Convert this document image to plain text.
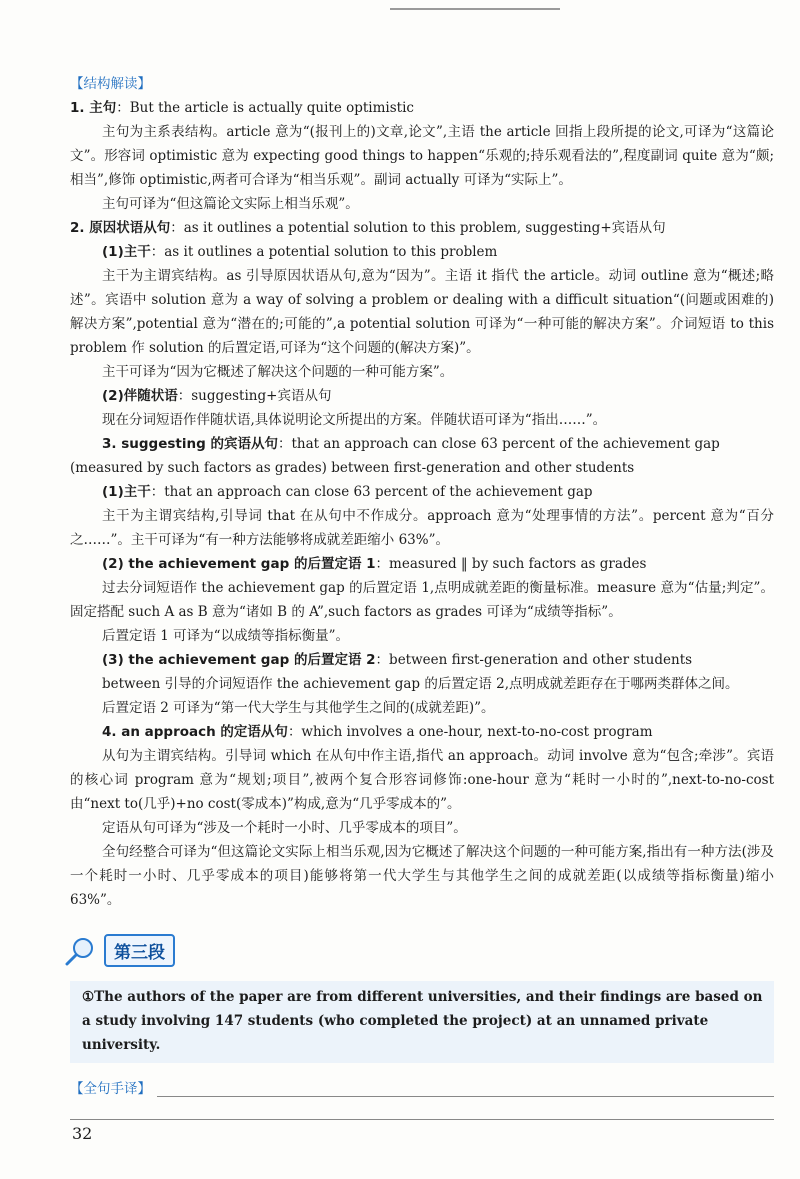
【结构解读】
1. 主句：But the article is actually quite optimistic

主句为主系表结构。article 意为“(报刊上的)文章,论文”,主语 the article 回指上段所提的论文,可译为“这篇论文”。形容词 optimistic 意为 expecting good things to happen“乐观的;持乐观看法的”,程度副词 quite 意为“颇;相当”,修饰 optimistic,两者可合译为“相当乐观”。副词 actually 可译为“实际上”。

主句可译为“但这篇论文实际上相当乐观”。

2. 原因状语从句：as it outlines a potential solution to this problem, suggesting+宾语从句
(1)主干：as it outlines a potential solution to this problem

主干为主谓宾结构。as 引导原因状语从句,意为“因为”。主语 it 指代 the article。动词 outline 意为“概述;略述”。宾语中 solution 意为 a way of solving a problem or dealing with a difficult situation“(问题或困难的)解决方案”,potential 意为“潜在的;可能的”,a potential solution 可译为“一种可能的解决方案”。介词短语 to this problem 作 solution 的后置定语,可译为“这个问题的(解决方案)”。

主干可译为“因为它概述了解决这个问题的一种可能方案”。

(2)伴随状语：suggesting+宾语从句

现在分词短语作伴随状语,具体说明论文所提出的方案。伴随状语可译为“指出……”。

3. suggesting 的宾语从句：that an approach can close 63 percent of the achievement gap (measured by such factors as grades) between first-generation and other students
(1)主干：that an approach can close 63 percent of the achievement gap

主干为主谓宾结构,引导词 that 在从句中不作成分。approach 意为“处理事情的方法”。percent 意为“百分之……”。主干可译为“有一种方法能够将成就差距缩小 63%”。

(2) the achievement gap 的后置定语 1：measured ‖ by such factors as grades

过去分词短语作 the achievement gap 的后置定语 1,点明成就差距的衡量标准。measure 意为“估量;判定”。固定搭配 such A as B 意为“诸如 B 的 A”,such factors as grades 可译为“成绩等指标”。

后置定语 1 可译为“以成绩等指标衡量”。

(3) the achievement gap 的后置定语 2：between first-generation and other students

between 引导的介词短语作 the achievement gap 的后置定语 2,点明成就差距存在于哪两类群体之间。

后置定语 2 可译为“第一代大学生与其他学生之间的(成就差距)”。

4. an approach 的定语从句：which involves a one-hour, next-to-no-cost program

从句为主谓宾结构。引导词 which 在从句中作主语,指代 an approach。动词 involve 意为“包含;牵涉”。宾语的核心词 program 意为“规划;项目”,被两个复合形容词修饰:one-hour 意为“耗时一小时的”,next-to-no-cost 由“next to(几乎)+no cost(零成本)”构成,意为“几乎零成本的”。

定语从句可译为“涉及一个耗时一小时、几乎零成本的项目”。

全句经整合可译为“但这篇论文实际上相当乐观,因为它概述了解决这个问题的一种可能方案,指出有一种方法(涉及一个耗时一小时、几乎零成本的项目)能够将第一代大学生与其他学生之间的成就差距(以成绩等指标衡量)缩小 63%”。

第三段
①The authors of the paper are from different universities, and their findings are based on a study involving 147 students (who completed the project) at an unnamed private university.
【全句手译】
32
